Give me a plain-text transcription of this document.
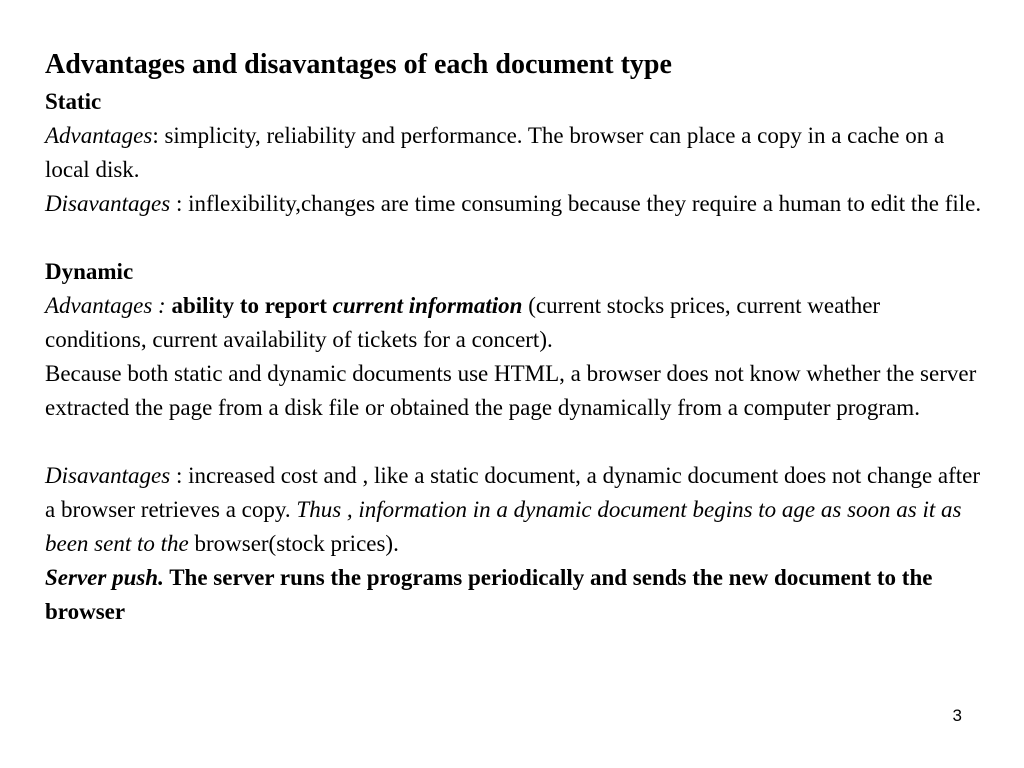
Advantages and disavantages of each document type

Static

Advantages: simplicity, reliability and performance. The browser can place a copy in a cache on a local disk.

Disavantages : inflexibility,changes are time consuming because they require a human to edit the file.

Dynamic

Advantages : ability to report current information (current stocks prices, current weather conditions, current availability of tickets for a concert).

Because both static and dynamic documents use HTML, a browser does not know whether the server extracted the page from a disk file or obtained the page dynamically from a computer program.

Disavantages : increased cost and , like a static document, a dynamic document does not change after a browser retrieves a copy. Thus , information in a dynamic document begins to age as soon as it as been sent to the browser(stock prices).

Server push. The server runs the programs periodically and sends the new document to the browser

3
